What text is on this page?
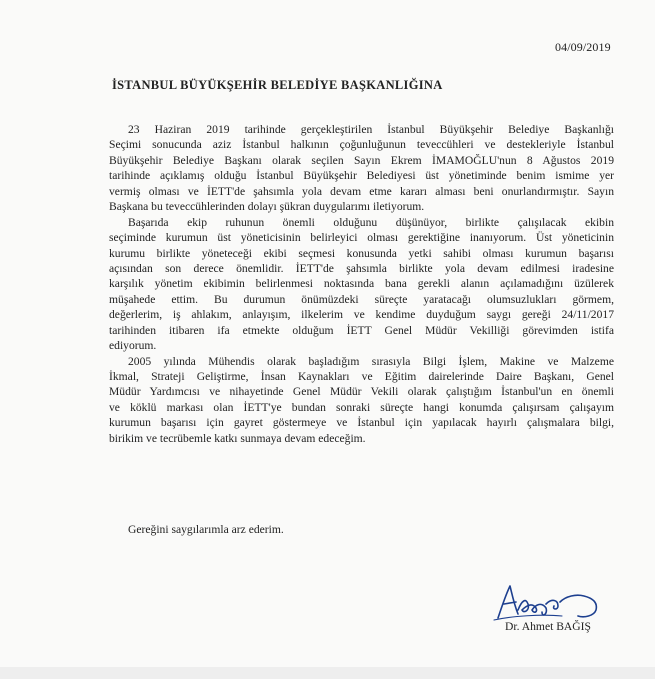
04/09/2019
İSTANBUL BÜYÜKŞEHİR BELEDİYE BAŞKANLIĞINA
23 Haziran 2019 tarihinde gerçekleştirilen İstanbul Büyükşehir Belediye Başkanlığı
Seçimi sonucunda aziz İstanbul halkının çoğunluğunun teveccühleri ve destekleriyle İstanbul
Büyükşehir Belediye Başkanı olarak seçilen Sayın Ekrem İMAMOĞLU'nun 8 Ağustos 2019
tarihinde açıklamış olduğu İstanbul Büyükşehir Belediyesi üst yönetiminde benim ismime yer
vermiş olması ve İETT'de şahsımla yola devam etme kararı alması beni onurlandırmıştır. Sayın
Başkana bu teveccühlerinden dolayı şükran duygularımı iletiyorum.
Başarıda ekip ruhunun önemli olduğunu düşünüyor, birlikte çalışılacak ekibin
seçiminde kurumun üst yöneticisinin belirleyici olması gerektiğine inanıyorum. Üst yöneticinin
kurumu birlikte yöneteceği ekibi seçmesi konusunda yetki sahibi olması kurumun başarısı
açısından son derece önemlidir. İETT'de şahsımla birlikte yola devam edilmesi iradesine
karşılık yönetim ekibimin belirlenmesi noktasında bana gerekli alanın açılamadığını üzülerek
müşahede ettim. Bu durumun önümüzdeki süreçte yaratacağı olumsuzlukları görmem,
değerlerim, iş ahlakım, anlayışım, ilkelerim ve kendime duyduğum saygı gereği 24/11/2017
tarihinden itibaren ifa etmekte olduğum İETT Genel Müdür Vekilliği görevimden istifa
ediyorum.
2005 yılında Mühendis olarak başladığım sırasıyla Bilgi İşlem, Makine ve Malzeme
İkmal, Strateji Geliştirme, İnsan Kaynakları ve Eğitim dairelerinde Daire Başkanı, Genel
Müdür Yardımcısı ve nihayetinde Genel Müdür Vekili olarak çalıştığım İstanbul'un en önemli
ve köklü markası olan İETT'ye bundan sonraki süreçte hangi konumda çalışırsam çalışayım
kurumun başarısı için gayret göstermeye ve İstanbul için yapılacak hayırlı çalışmalara bilgi,
birikim ve tecrübemle katkı sunmaya devam edeceğim.
Gereğini saygılarımla arz ederim.
Dr. Ahmet BAĞIŞ
